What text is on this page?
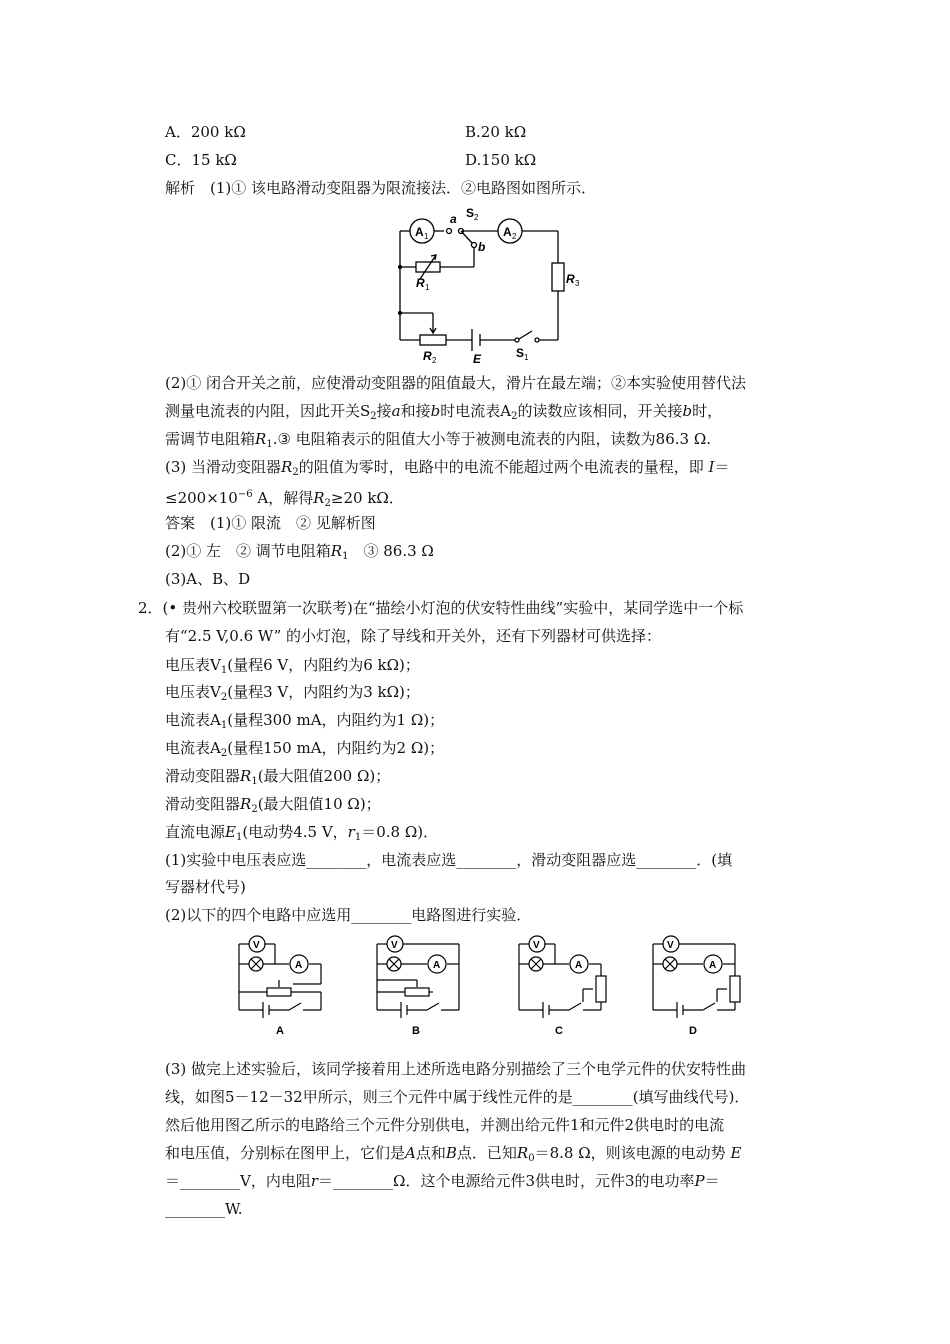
A．200 kΩ	B.20 kΩ
C．15 kΩ	D.150 kΩ
解析　(1)① 该电路滑动变阻器为限流接法．②电路图如图所示．
A 1	A 2
a
b
S 2
R 1
R 3
R 2	E	S 1
(2)① 闭合开关之前，应使滑动变阻器的阻值最大，滑片在最左端；②本实验使用替代法
测量电流表的内阻，因此开关$S_2$接a和接b时电流表$A_2$的读数应该相同，开关接b时，
需调节电阻箱$R_1.③$ 电阻箱表示的阻值大小等于被测电流表的内阻，读数为86.3 Ω.
(3) 当滑动变阻器$R_2$的阻值为零时，电路中的电流不能超过两个电流表的量程，即 I＝
$\le 200\times 10^{-6}$ A，解得$R_2\ge 20$ kΩ．
答案　(1)① 限流　② 见解析图
(2)① 左　② 调节电阻箱$R_1$　③ 86.3 Ω
(3)A、B、D
2．(• 贵州六校联盟第一次联考)在“描绘小灯泡的伏安特性曲线”实验中，某同学选中一个标
有“2.5 V,0.6 W” 的小灯泡，除了导线和开关外，还有下列器材可供选择：
电压表$V_1$(量程6 V，内阻约为6 kΩ)；
电压表$V_2$(量程3 V，内阻约为3 kΩ)；
电流表$A_1$(量程300 mA，内阻约为1 Ω)；
电流表$A_2$(量程150 mA，内阻约为2 Ω)；
滑动变阻器$R_1$(最大阻值200 Ω)；
滑动变阻器$R_2$(最大阻值10 Ω)；
直流电源$E_1$(电动势4.5 V，$r_1=0.8$ Ω)．
(1)实验中电压表应选________，电流表应选________，滑动变阻器应选________．(填
写器材代号)
(2)以下的四个电路中应选用________电路图进行实验．
V
A
A
V
A
B
V
A
C
V
A
D
(3) 做完上述实验后，该同学接着用上述所选电路分别描绘了三个电学元件的伏安特性曲
线，如图5－12－32甲所示，则三个元件中属于线性元件的是________(填写曲线代号)．
然后他用图乙所示的电路给三个元件分别供电，并测出给元件1和元件2供电时的电流
和电压值，分别标在图甲上，它们是A点和B点．已知$R_0=8.8$ Ω，则该电源的电动势 E
＝________V，内电阻r＝________Ω．这个电源给元件3供电时，元件3的电功率P＝
________W.
